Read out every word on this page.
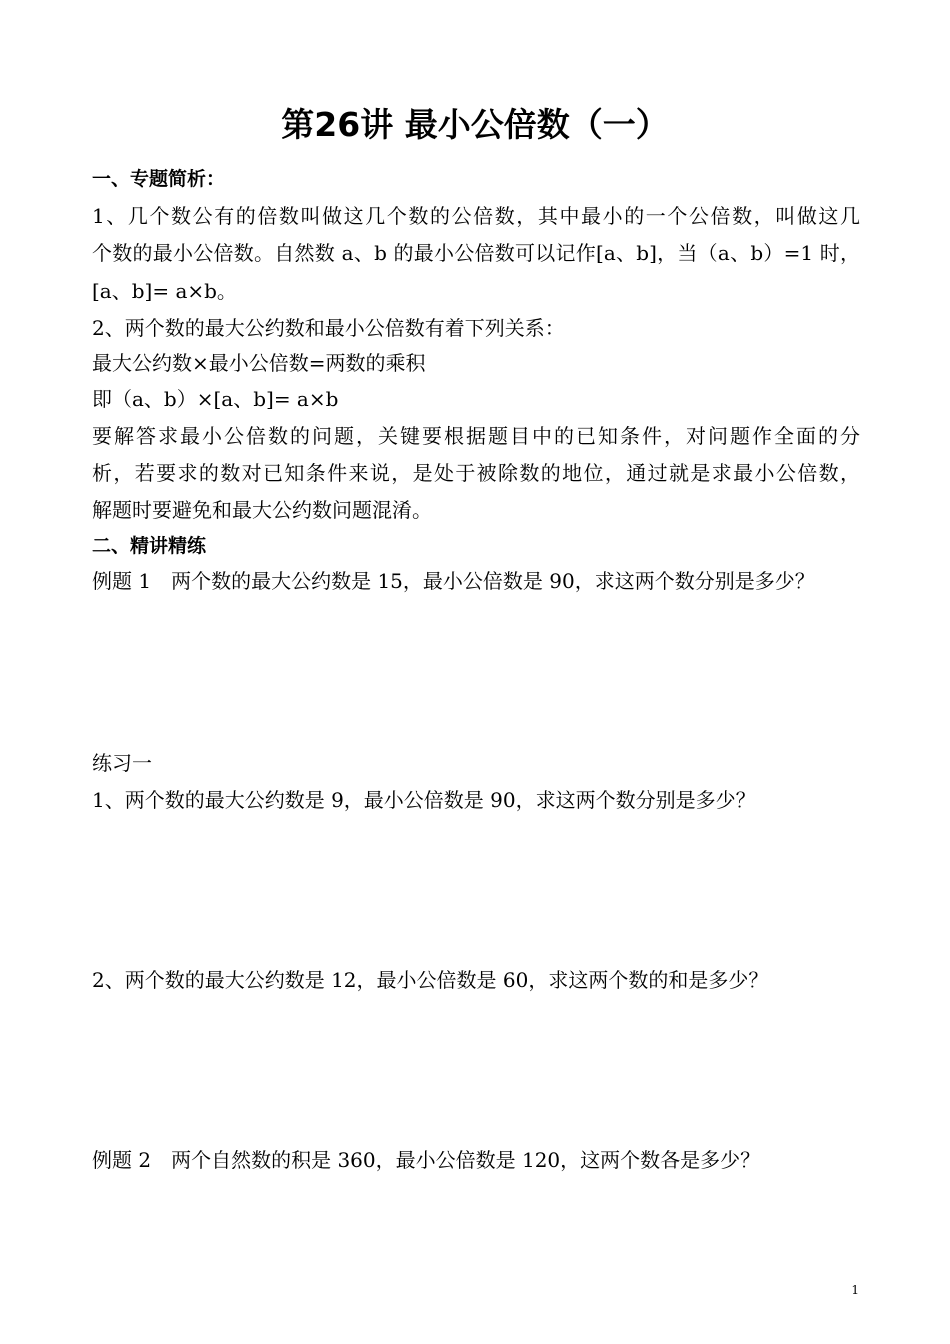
第26讲 最小公倍数（一）
一、专题简析：
1、几个数公有的倍数叫做这几个数的公倍数，其中最小的一个公倍数，叫做这几
个数的最小公倍数。自然数 a、b 的最小公倍数可以记作[a、b]，当（a、b）=1 时，
[a、b]= a×b。
2、两个数的最大公约数和最小公倍数有着下列关系：
最大公约数×最小公倍数=两数的乘积
即（a、b）×[a、b]= a×b
要解答求最小公倍数的问题，关键要根据题目中的已知条件，对问题作全面的分
析，若要求的数对已知条件来说，是处于被除数的地位，通过就是求最小公倍数，
解题时要避免和最大公约数问题混淆。
二、精讲精练
例题 1　两个数的最大公约数是 15，最小公倍数是 90，求这两个数分别是多少？
练习一
1、两个数的最大公约数是 9，最小公倍数是 90，求这两个数分别是多少？
2、两个数的最大公约数是 12，最小公倍数是 60，求这两个数的和是多少？
例题 2　两个自然数的积是 360，最小公倍数是 120，这两个数各是多少？
1
